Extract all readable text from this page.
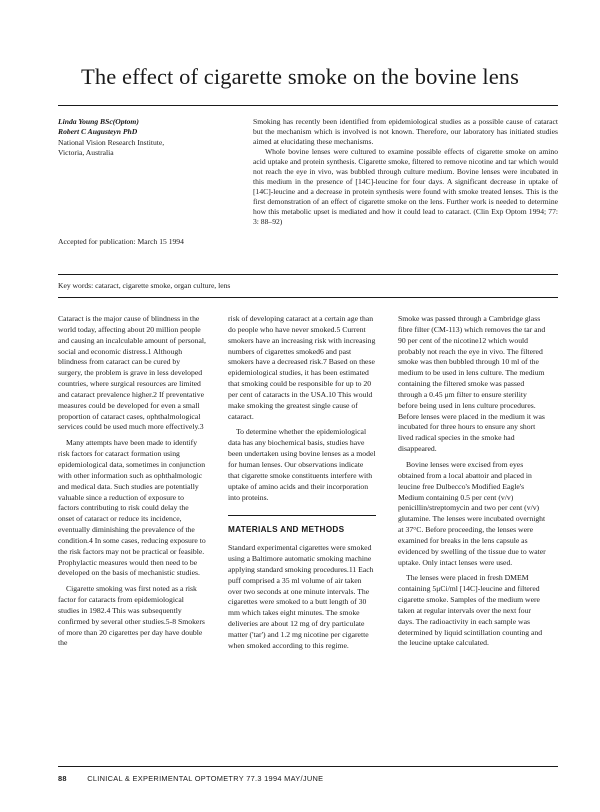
The effect of cigarette smoke on the bovine lens
Linda Young BSc(Optom)
Robert C Augusteyn PhD
National Vision Research Institute,
Victoria, Australia
Accepted for publication: March 15 1994

Smoking has recently been identified from epidemiological studies as a possible cause of cataract but the mechanism which is involved is not known. Therefore, our laboratory has initiated studies aimed at elucidating these mechanisms.

Whole bovine lenses were cultured to examine possible effects of cigarette smoke on amino acid uptake and protein synthesis. Cigarette smoke, filtered to remove nicotine and tar which would not reach the eye in vivo, was bubbled through culture medium. Bovine lenses were incubated in this medium in the presence of [14C]-leucine for four days. A significant decrease in uptake of [14C]-leucine and a decrease in protein synthesis were found with smoke treated lenses. This is the first demonstration of an effect of cigarette smoke on the lens. Further work is needed to determine how this metabolic upset is mediated and how it could lead to cataract. (Clin Exp Optom 1994; 77: 3: 88–92)

Key words: cataract, cigarette smoke, organ culture, lens

Cataract is the major cause of blindness in the world today, affecting about 20 million people and causing an incalculable amount of personal, social and economic distress.1 Although blindness from cataract can be cured by surgery, the problem is grave in less developed countries, where surgical resources are limited and cataract prevalence higher.2 If preventative measures could be developed for even a small proportion of cataract cases, ophthalmological services could be used much more effectively.3

Many attempts have been made to identify risk factors for cataract formation using epidemiological data, sometimes in conjunction with other information such as ophthalmologic and medical data. Such studies are potentially valuable since a reduction of exposure to factors contributing to risk could delay the onset of cataract or reduce its incidence, eventually diminishing the prevalence of the condition.4 In some cases, reducing exposure to the risk factors may not be practical or feasible. Prophylactic measures would then need to be developed on the basis of mechanistic studies.

Cigarette smoking was first noted as a risk factor for cataracts from epidemiological studies in 1982.4 This was subsequently confirmed by several other studies.5-8 Smokers of more than 20 cigarettes per day have double the

risk of developing cataract at a certain age than do people who have never smoked.5 Current smokers have an increasing risk with increasing numbers of cigarettes smoked6 and past smokers have a decreased risk.7 Based on these epidemiological studies, it has been estimated that smoking could be responsible for up to 20 per cent of cataracts in the USA.10 This would make smoking the greatest single cause of cataract.

To determine whether the epidemiological data has any biochemical basis, studies have been undertaken using bovine lenses as a model for human lenses. Our observations indicate that cigarette smoke constituents interfere with uptake of amino acids and their incorporation into proteins.

MATERIALS AND METHODS

Standard experimental cigarettes were smoked using a Baltimore automatic smoking machine applying standard smoking procedures.11 Each puff comprised a 35 ml volume of air taken over two seconds at one minute intervals. The cigarettes were smoked to a butt length of 30 mm which takes eight minutes. The smoke deliveries are about 12 mg of dry particulate matter ('tar') and 1.2 mg nicotine per cigarette when smoked according to this regime.

Smoke was passed through a Cambridge glass fibre filter (CM-113) which removes the tar and 90 per cent of the nicotine12 which would probably not reach the eye in vivo. The filtered smoke was then bubbled through 10 ml of the medium to be used in lens culture. The medium containing the filtered smoke was passed through a 0.45 μm filter to ensure sterility before being used in lens culture procedures. Before lenses were placed in the medium it was incubated for three hours to ensure any short lived radical species in the smoke had disappeared.

Bovine lenses were excised from eyes obtained from a local abattoir and placed in leucine free Dulbecco's Modified Eagle's Medium containing 0.5 per cent (v/v) penicillin/streptomycin and two per cent (v/v) glutamine. The lenses were incubated overnight at 37°C. Before proceeding, the lenses were examined for breaks in the lens capsule as evidenced by swelling of the tissue due to water uptake. Only intact lenses were used.

The lenses were placed in fresh DMEM containing 5μCi/ml [14C]-leucine and filtered cigarette smoke. Samples of the medium were taken at regular intervals over the next four days. The radioactivity in each sample was determined by liquid scintillation counting and the leucine uptake calculated.

88	CLINICAL & EXPERIMENTAL OPTOMETRY 77.3 1994 MAY/JUNE
